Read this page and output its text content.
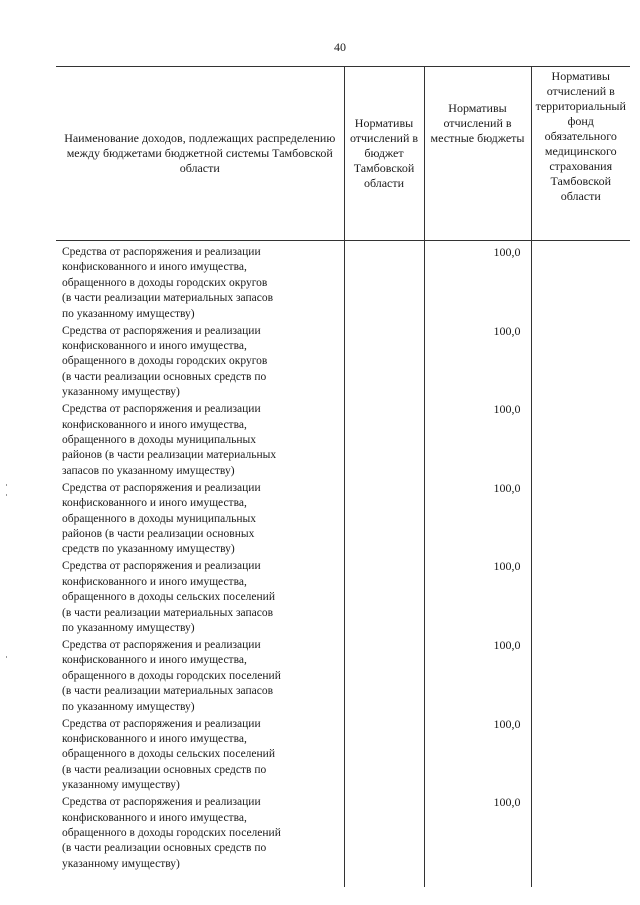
40
Наименование доходов, подлежащих распределению между бюджетами бюджетной системы Тамбовской области	Нормативы отчислений в бюджет Тамбовской области	Нормативы отчислений в местные бюджеты	Нормативы отчислений в территориальный фонд обязательного медицинского страхования Тамбовской области

Средства от распоряжения и реализации
конфискованного и иного имущества,
обращенного в доходы городских округов
(в части реализации материальных запасов
по указанному имуществу)		100,0	

Средства от распоряжения и реализации
конфискованного и иного имущества,
обращенного в доходы городских округов
(в части реализации основных средств по
указанному имуществу)		100,0	

Средства от распоряжения и реализации
конфискованного и иного имущества,
обращенного в доходы муниципальных
районов (в части реализации материальных
запасов по указанному имуществу)		100,0	

Средства от распоряжения и реализации
конфискованного и иного имущества,
обращенного в доходы муниципальных
районов (в части реализации основных
средств по указанному имуществу)		100,0	

Средства от распоряжения и реализации
конфискованного и иного имущества,
обращенного в доходы сельских поселений
(в части реализации материальных запасов
по указанному имуществу)		100,0	

Средства от распоряжения и реализации
конфискованного и иного имущества,
обращенного в доходы городских поселений
(в части реализации материальных запасов
по указанному имуществу)		100,0	

Средства от распоряжения и реализации
конфискованного и иного имущества,
обращенного в доходы сельских поселений
(в части реализации основных средств по
указанному имуществу)		100,0	

Средства от распоряжения и реализации
конфискованного и иного имущества,
обращенного в доходы городских поселений
(в части реализации основных средств по
указанному имуществу)		100,0	
